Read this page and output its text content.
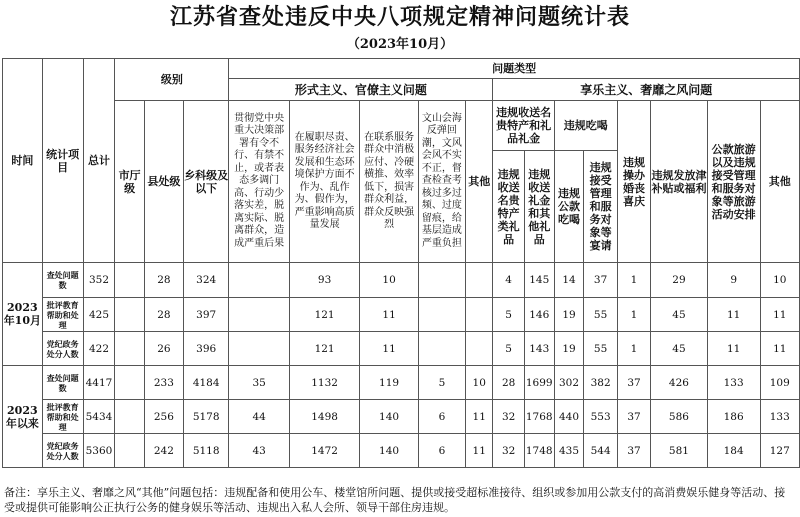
江苏省查处违反中央八项规定精神问题统计表
（2023年10月）
时间	统计项目	总计	级别			问题类型												
						形式主义、官僚主义问题					享乐主义、奢靡之风问题							
			市厅级	县处级	乡科级及以下	贯彻党中央重大决策部署有令不行、有禁不止，或者表态多调门高、行动少落实差，脱离实际、脱离群众，造成严重后果	在履职尽责、服务经济社会发展和生态环境保护方面不作为、乱作为、假作为，严重影响高质量发展	在联系服务群众中消极应付、冷硬横推、效率低下，损害群众利益，群众反映强烈	文山会海反弹回潮，文风会风不实不正，督查检查考核过多过频、过度留痕，给基层造成严重负担	其他	违规收送名贵特产和礼品礼金		违规吃喝		违规操办婚丧喜庆	违规发放津补贴或福利	公款旅游以及违规接受管理和服务对象等旅游活动安排	其他
											违规收送名贵特产类礼品	违规收送礼金和其他礼品	违规公款吃喝	违规接受管理和服务对象等宴请				
2023年10月	查处问题数	352		28	324		93	10			4	145	14	37	1	29	9	10
	批评教育帮助和处理	425		28	397		121	11			5	146	19	55	1	45	11	11
	党纪政务处分人数	422		26	396		121	11			5	143	19	55	1	45	11	11
2023年以来	查处问题数	4417		233	4184	35	1132	119	5	10	28	1699	302	382	37	426	133	109
	批评教育帮助和处理	5434		256	5178	44	1498	140	6	11	32	1768	440	553	37	586	186	133
	党纪政务处分人数	5360		242	5118	43	1472	140	6	11	32	1748	435	544	37	581	184	127
备注：享乐主义、奢靡之风“其他”问题包括：违规配备和使用公车、楼堂馆所问题、提供或接受超标准接待、组织或参加用公款支付的高消费娱乐健身等活动、接受或提供可能影响公正执行公务的健身娱乐等活动、违规出入私人会所、领导干部住房违规。
